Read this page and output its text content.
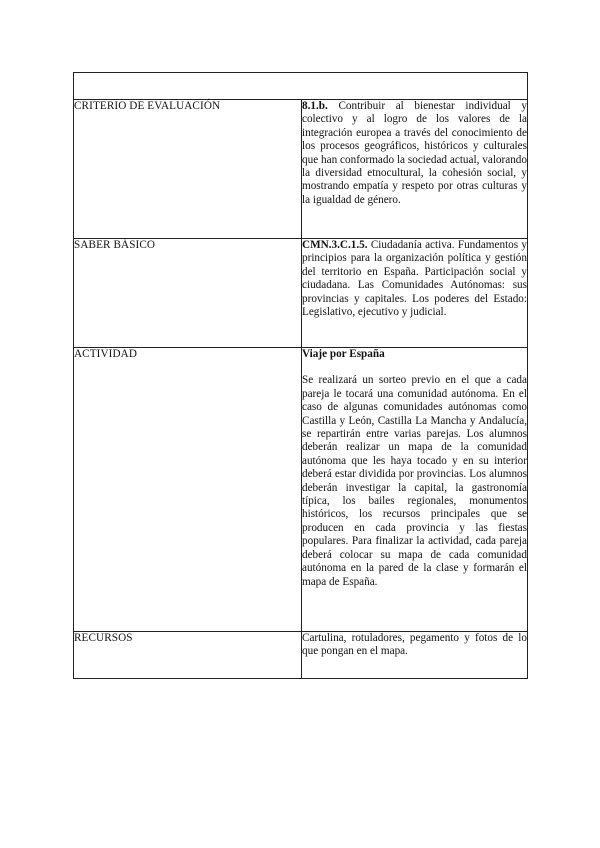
CRITERIO DE EVALUACIÓN	8.1.b. Contribuir al bienestar individual y colectivo y al logro de los valores de la integración europea a través del conocimiento de los procesos geográficos, históricos y culturales que han conformado la sociedad actual, valorando la diversidad etnocultural, la cohesión social, y mostrando empatía y respeto por otras culturas y la igualdad de género.

SABER BÁSICO	CMN.3.C.1.5. Ciudadanía activa. Fundamentos y principios para la organización política y gestión del territorio en España. Participación social y ciudadana. Las Comunidades Autónomas: sus provincias y capitales. Los poderes del Estado: Legislativo, ejecutivo y judicial.

ACTIVIDAD	Viaje por España

Se realizará un sorteo previo en el que a cada pareja le tocará una comunidad autónoma. En el caso de algunas comunidades autónomas como Castilla y León, Castilla La Mancha y Andalucía, se repartirán entre varias parejas. Los alumnos deberán realizar un mapa de la comunidad autónoma que les haya tocado y en su interior deberá estar dividida por provincias. Los alumnos deberán investigar la capital, la gastronomía típica, los bailes regionales, monumentos históricos, los recursos principales que se producen en cada provincia y las fiestas populares. Para finalizar la actividad, cada pareja deberá colocar su mapa de cada comunidad autónoma en la pared de la clase y formarán el mapa de España.

RECURSOS	Cartulina, rotuladores, pegamento y fotos de lo que pongan en el mapa.
